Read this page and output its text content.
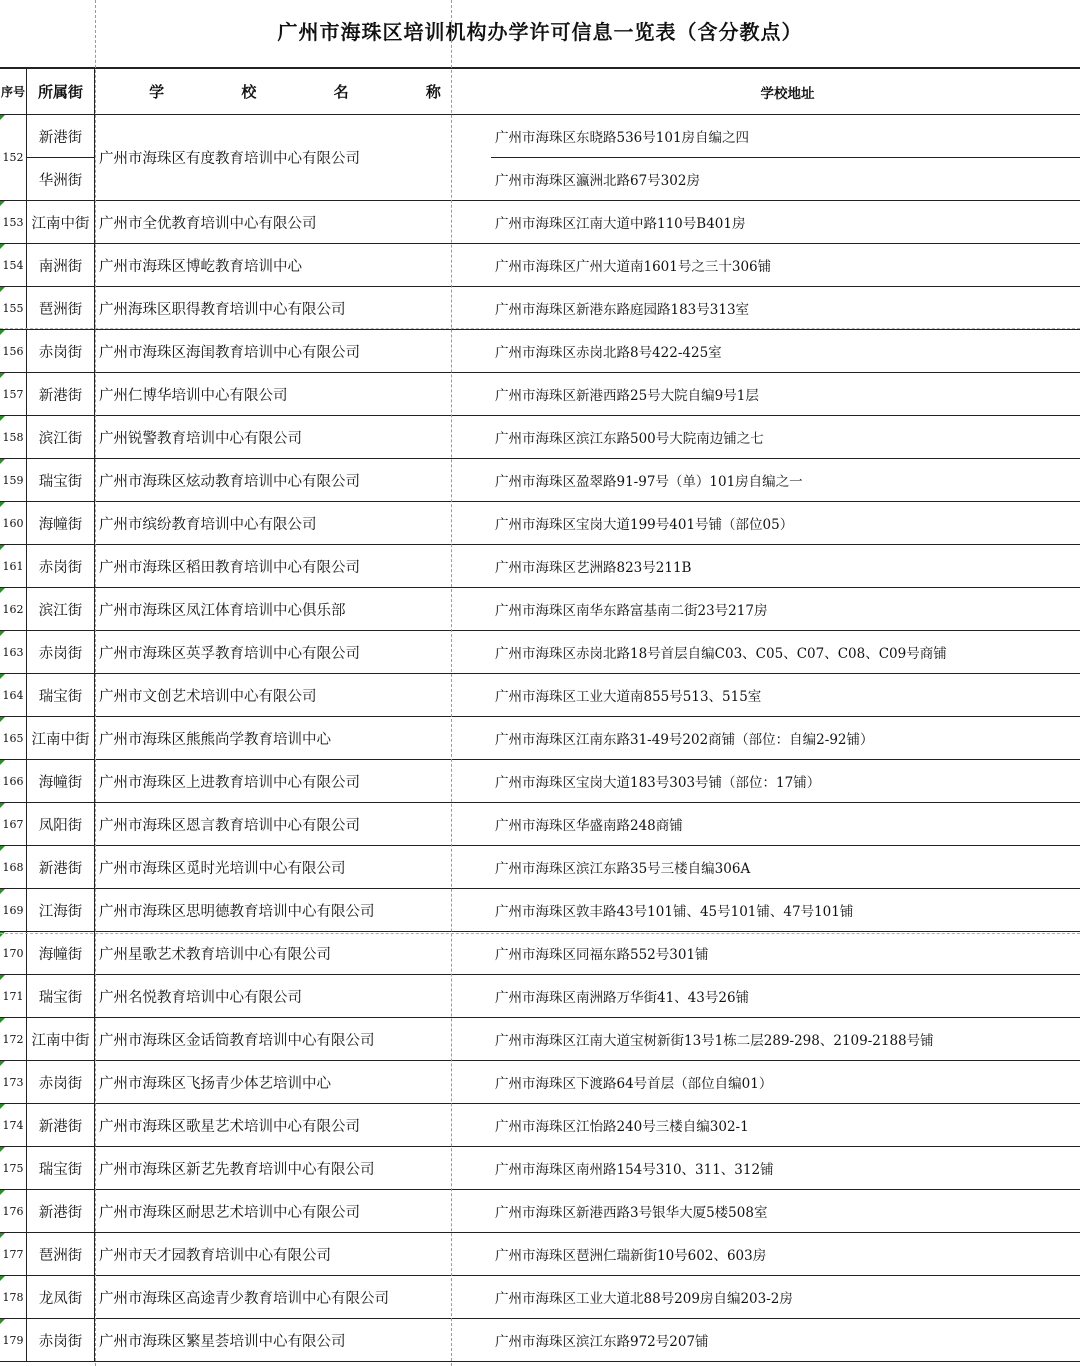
广州市海珠区培训机构办学许可信息一览表（含分教点）
序号	所属街	学 校 名 称	学校地址
152	新港街	广州市海珠区有度教育培训中心有限公司	广州市海珠区东晓路536号101房自编之四
	华洲街		广州市海珠区瀛洲北路67号302房
153	江南中街	广州市全优教育培训中心有限公司	广州市海珠区江南大道中路110号B401房
154	南洲街	广州市海珠区博屹教育培训中心	广州市海珠区广州大道南1601号之三十306铺
155	琶洲街	广州海珠区职得教育培训中心有限公司	广州市海珠区新港东路庭园路183号313室
156	赤岗街	广州市海珠区海闺教育培训中心有限公司	广州市海珠区赤岗北路8号422-425室
157	新港街	广州仁博华培训中心有限公司	广州市海珠区新港西路25号大院自编9号1层
158	滨江街	广州锐警教育培训中心有限公司	广州市海珠区滨江东路500号大院南边铺之七
159	瑞宝街	广州市海珠区炫动教育培训中心有限公司	广州市海珠区盈翠路91-97号（单）101房自编之一
160	海幢街	广州市缤纷教育培训中心有限公司	广州市海珠区宝岗大道199号401号铺（部位05）
161	赤岗街	广州市海珠区稻田教育培训中心有限公司	广州市海珠区艺洲路823号211B
162	滨江街	广州市海珠区凤江体育培训中心俱乐部	广州市海珠区南华东路富基南二街23号217房
163	赤岗街	广州市海珠区英孚教育培训中心有限公司	广州市海珠区赤岗北路18号首层自编C03、C05、C07、C08、C09号商铺
164	瑞宝街	广州市文创艺术培训中心有限公司	广州市海珠区工业大道南855号513、515室
165	江南中街	广州市海珠区熊熊尚学教育培训中心	广州市海珠区江南东路31-49号202商铺（部位：自编2-92铺）
166	海幢街	广州市海珠区上进教育培训中心有限公司	广州市海珠区宝岗大道183号303号铺（部位：17铺）
167	凤阳街	广州市海珠区恩言教育培训中心有限公司	广州市海珠区华盛南路248商铺
168	新港街	广州市海珠区觅时光培训中心有限公司	广州市海珠区滨江东路35号三楼自编306A
169	江海街	广州市海珠区思明德教育培训中心有限公司	广州市海珠区敦丰路43号101铺、45号101铺、47号101铺
170	海幢街	广州星歌艺术教育培训中心有限公司	广州市海珠区同福东路552号301铺
171	瑞宝街	广州名悦教育培训中心有限公司	广州市海珠区南洲路万华街41、43号26铺
172	江南中街	广州市海珠区金话筒教育培训中心有限公司	广州市海珠区江南大道宝树新街13号1栋二层289-298、2109-2188号铺
173	赤岗街	广州市海珠区飞扬青少体艺培训中心	广州市海珠区下渡路64号首层（部位自编01）
174	新港街	广州市海珠区歌星艺术培训中心有限公司	广州市海珠区江怡路240号三楼自编302-1
175	瑞宝街	广州市海珠区新艺先教育培训中心有限公司	广州市海珠区南州路154号310、311、312铺
176	新港街	广州市海珠区耐思艺术培训中心有限公司	广州市海珠区新港西路3号银华大厦5楼508室
177	琶洲街	广州市天才园教育培训中心有限公司	广州市海珠区琶洲仁瑞新街10号602、603房
178	龙凤街	广州市海珠区高途青少教育培训中心有限公司	广州市海珠区工业大道北88号209房自编203-2房
179	赤岗街	广州市海珠区繁星荟培训中心有限公司	广州市海珠区滨江东路972号207铺
